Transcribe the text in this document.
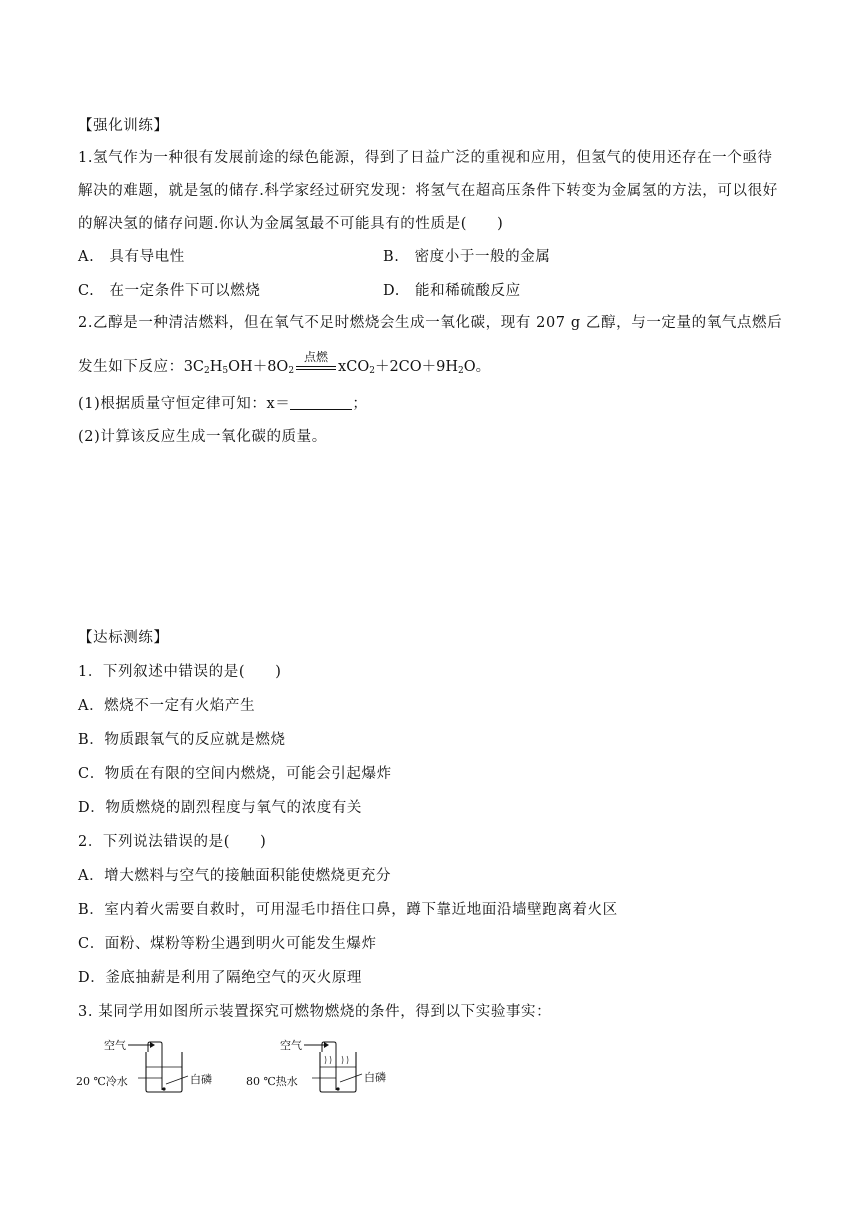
【强化训练】
1.氢气作为一种很有发展前途的绿色能源，得到了日益广泛的重视和应用，但氢气的使用还存在一个亟待
解决的难题，就是氢的储存.科学家经过研究发现：将氢气在超高压条件下转变为金属氢的方法，可以很好
的解决氢的储存问题.你认为金属氢最不可能具有的性质是(　　)
A.　具有导电性	B.　密度小于一般的金属
C.　在一定条件下可以燃烧	D.　能和稀硫酸反应
2.乙醇是一种清洁燃料，但在氧气不足时燃烧会生成一氧化碳，现有 207 g 乙醇，与一定量的氧气点燃后
发生如下反应：$3C_2H_5OH+8O_2$
点燃
$xCO_2+2CO+9H_2O$。
(1)根据质量守恒定律可知：x＝	；
(2)计算该反应生成一氧化碳的质量。
【达标测练】
1．下列叙述中错误的是(　　)
A．燃烧不一定有火焰产生
B．物质跟氧气的反应就是燃烧
C．物质在有限的空间内燃烧，可能会引起爆炸
D．物质燃烧的剧烈程度与氧气的浓度有关
2．下列说法错误的是(　　)
A．增大燃料与空气的接触面积能使燃烧更充分
B．室内着火需要自救时，可用湿毛巾捂住口鼻，蹲下靠近地面沿墙壁跑离着火区
C．面粉、煤粉等粉尘遇到明火可能发生爆炸
D．釜底抽薪是利用了隔绝空气的灭火原理
3. 某同学用如图所示装置探究可燃物燃烧的条件，得到以下实验事实：
空气
20 ℃冷水	白磷
空气
80 ℃热水	白磷
